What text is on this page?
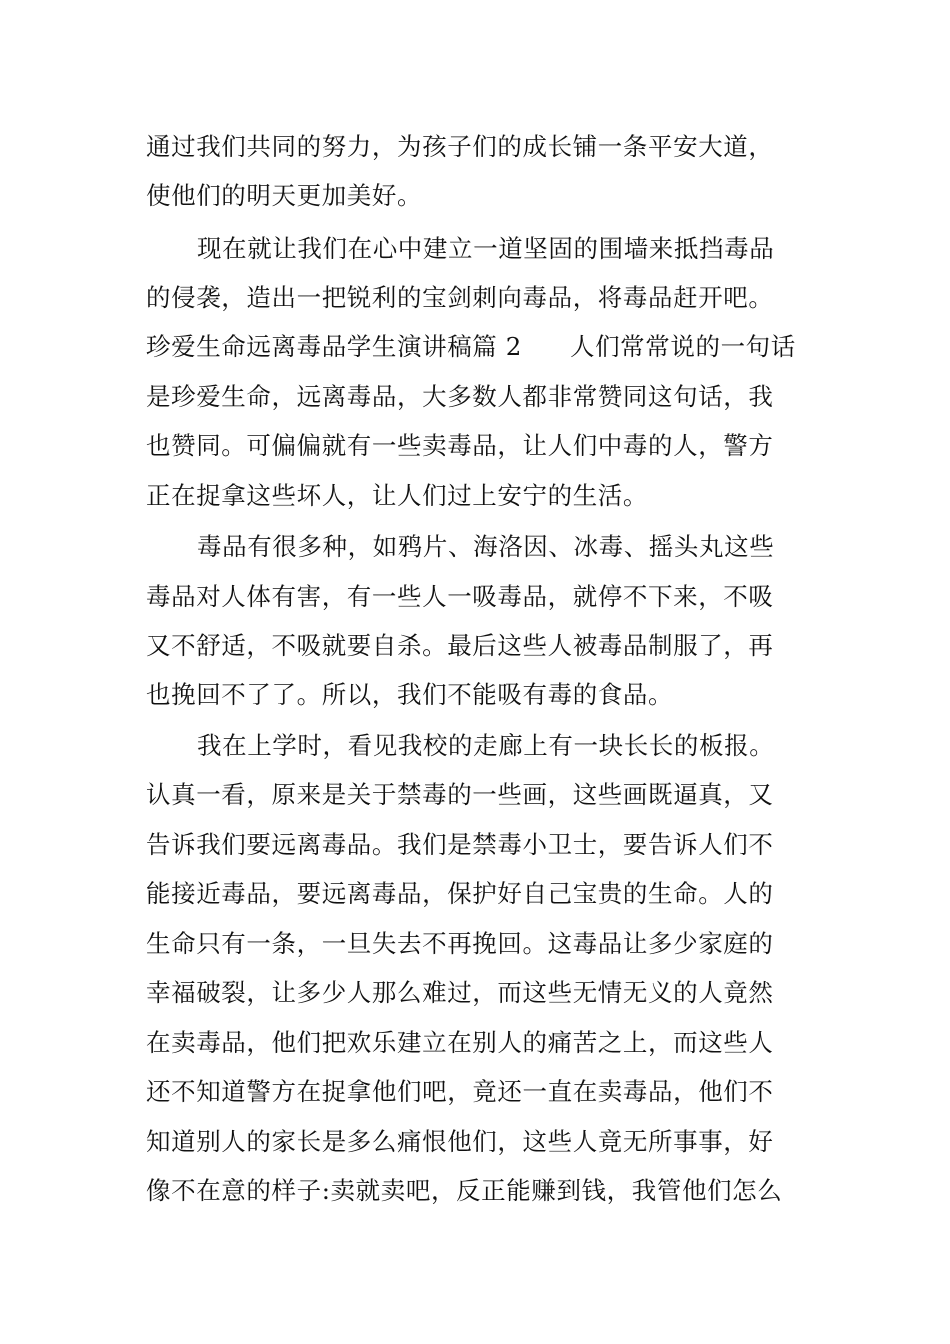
通过我们共同的努力，为孩子们的成长铺一条平安大道，
使他们的明天更加美好。
现在就让我们在心中建立一道坚固的围墙来抵挡毒品
的侵袭，造出一把锐利的宝剑刺向毒品，将毒品赶开吧。
珍爱生命远离毒品学生演讲稿篇 2 人们常常说的一句话
是珍爱生命，远离毒品，大多数人都非常赞同这句话，我
也赞同。可偏偏就有一些卖毒品，让人们中毒的人，警方
正在捉拿这些坏人，让人们过上安宁的生活。
毒品有很多种，如鸦片、海洛因、冰毒、摇头丸这些
毒品对人体有害，有一些人一吸毒品，就停不下来，不吸
又不舒适，不吸就要自杀。最后这些人被毒品制服了，再
也挽回不了了。所以，我们不能吸有毒的食品。
我在上学时，看见我校的走廊上有一块长长的板报。
认真一看，原来是关于禁毒的一些画，这些画既逼真，又
告诉我们要远离毒品。我们是禁毒小卫士，要告诉人们不
能接近毒品，要远离毒品，保护好自己宝贵的生命。人的
生命只有一条，一旦失去不再挽回。这毒品让多少家庭的
幸福破裂，让多少人那么难过，而这些无情无义的人竟然
在卖毒品，他们把欢乐建立在别人的痛苦之上，而这些人
还不知道警方在捉拿他们吧，竟还一直在卖毒品，他们不
知道别人的家长是多么痛恨他们，这些人竟无所事事，好
像不在意的样子:卖就卖吧，反正能赚到钱，我管他们怎么
